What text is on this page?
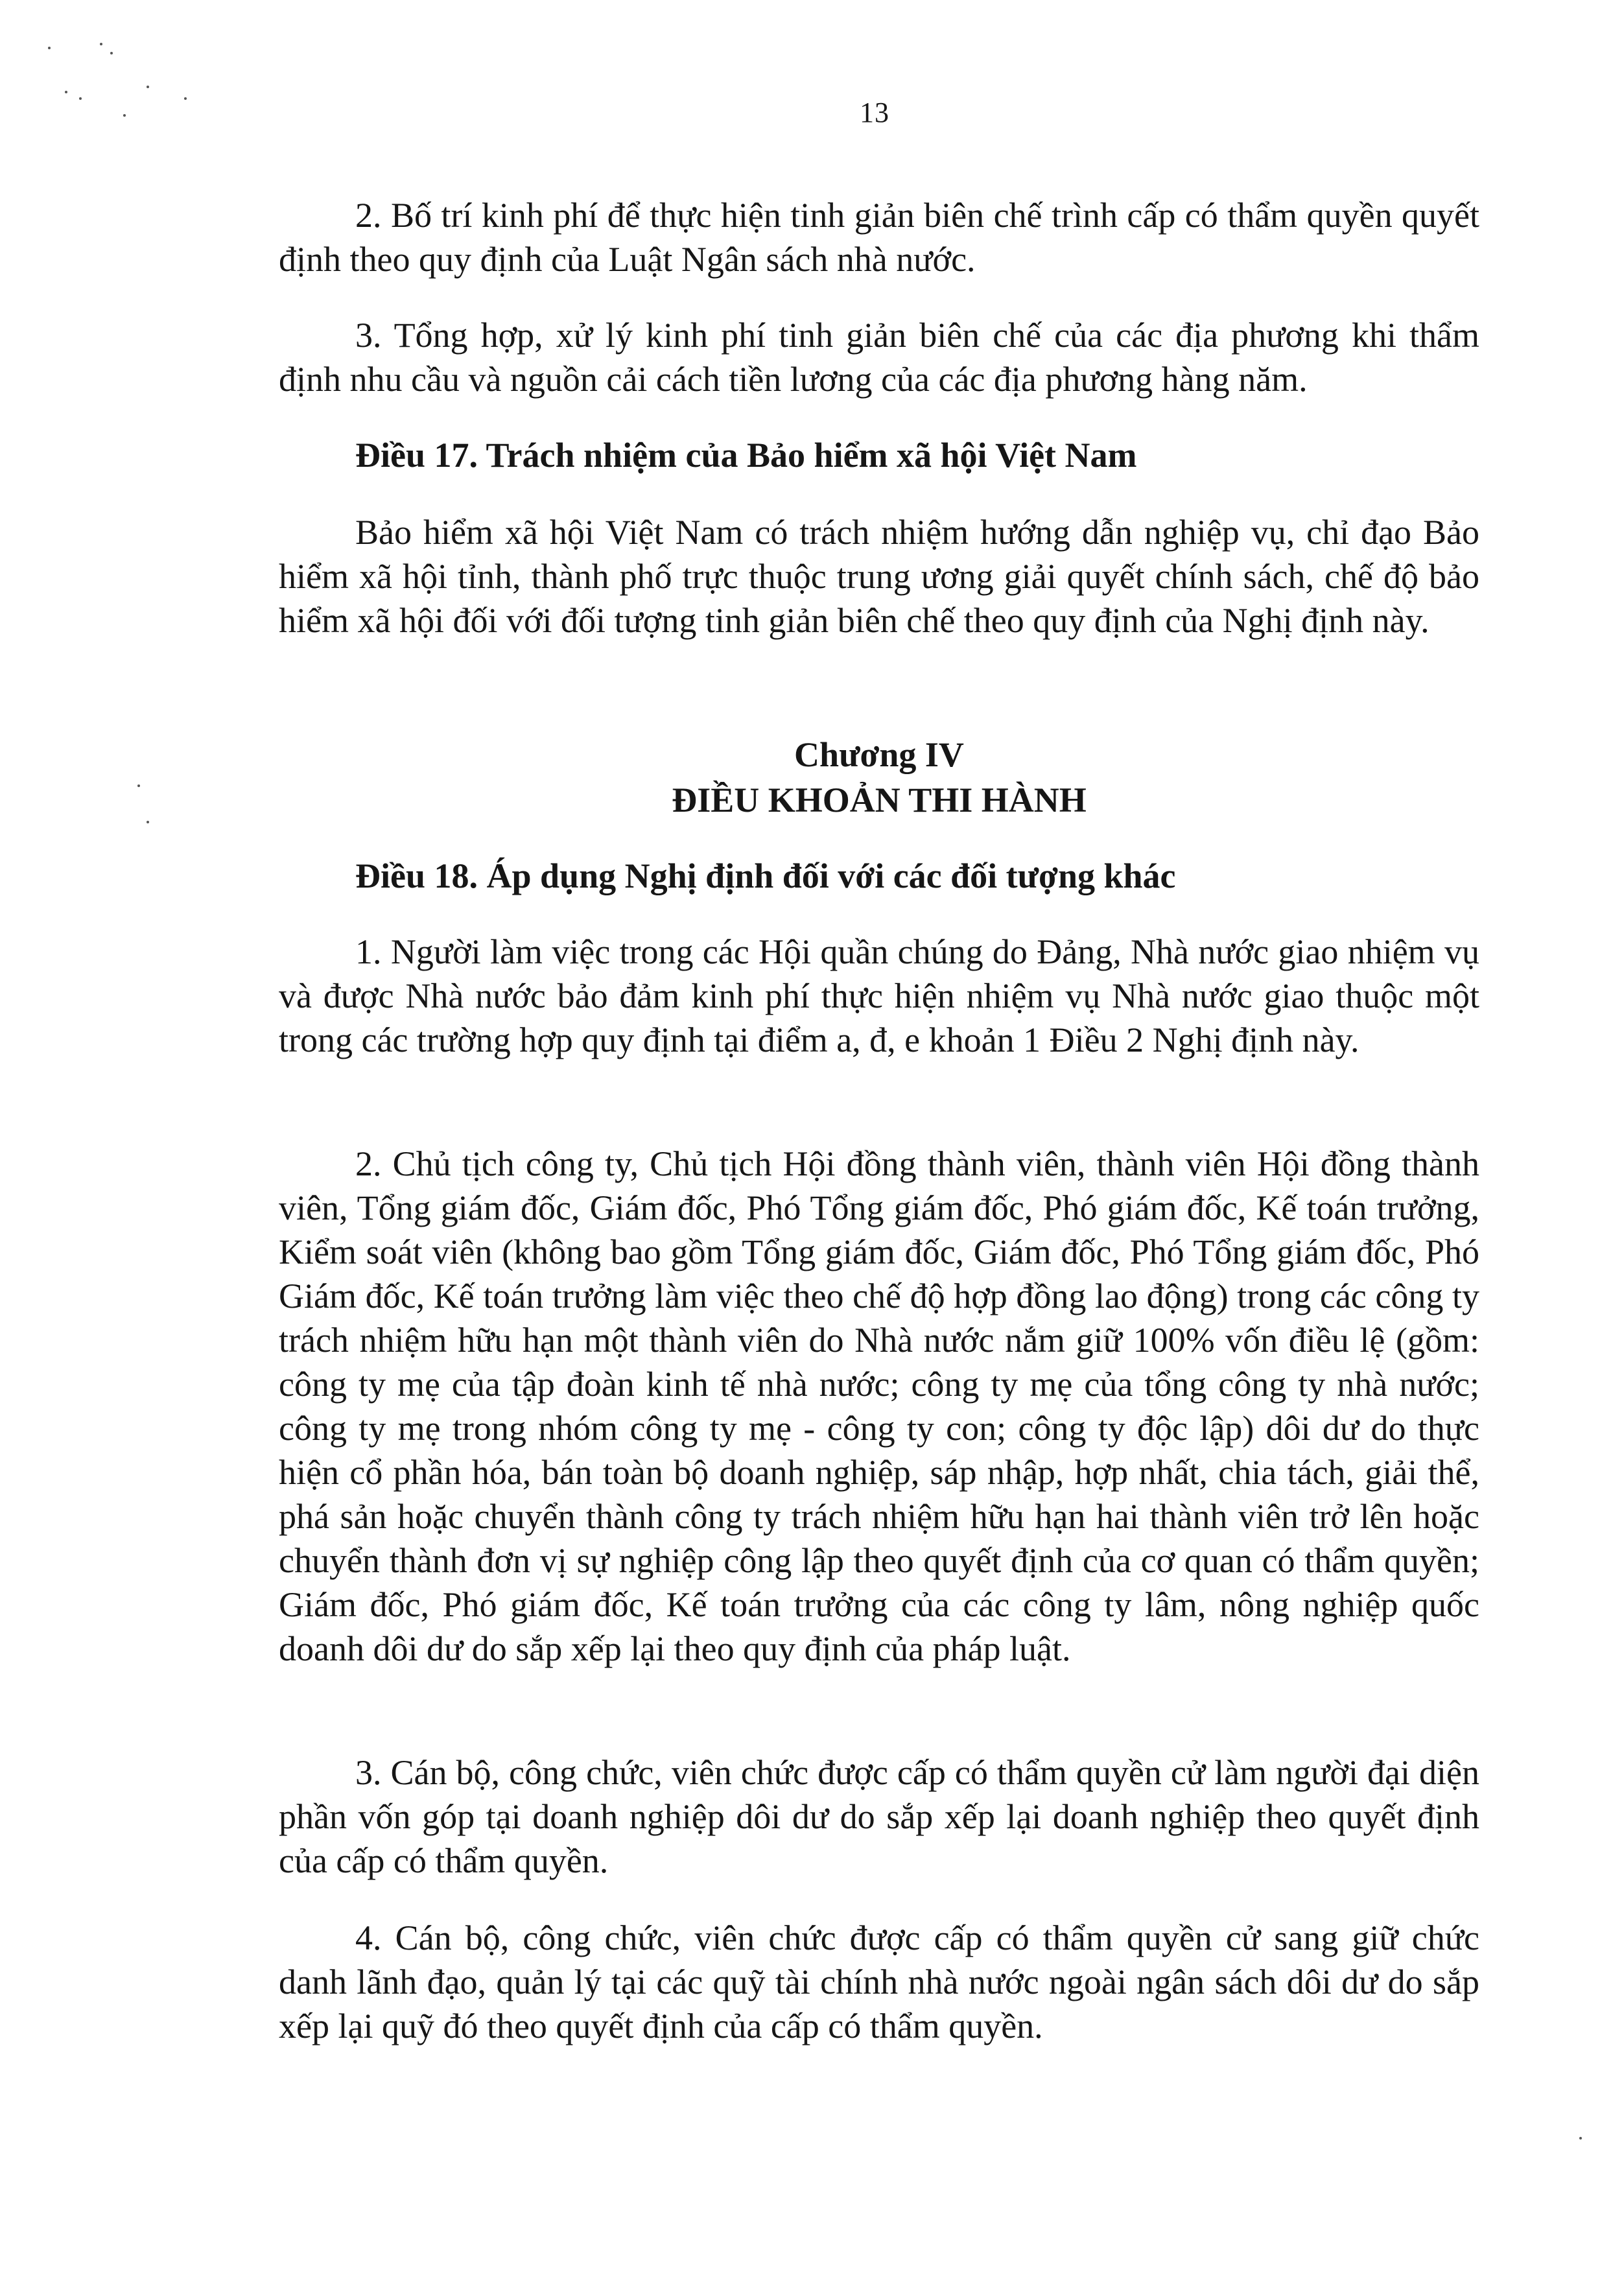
13

2. Bố trí kinh phí để thực hiện tinh giản biên chế trình cấp có thẩm quyền quyết định theo quy định của Luật Ngân sách nhà nước.

3. Tổng hợp, xử lý kinh phí tinh giản biên chế của các địa phương khi thẩm định nhu cầu và nguồn cải cách tiền lương của các địa phương hàng năm.

Điều 17. Trách nhiệm của Bảo hiểm xã hội Việt Nam

Bảo hiểm xã hội Việt Nam có trách nhiệm hướng dẫn nghiệp vụ, chỉ đạo Bảo hiểm xã hội tỉnh, thành phố trực thuộc trung ương giải quyết chính sách, chế độ bảo hiểm xã hội đối với đối tượng tinh giản biên chế theo quy định của Nghị định này.

Chương IV

ĐIỀU KHOẢN THI HÀNH

Điều 18. Áp dụng Nghị định đối với các đối tượng khác

1. Người làm việc trong các Hội quần chúng do Đảng, Nhà nước giao nhiệm vụ và được Nhà nước bảo đảm kinh phí thực hiện nhiệm vụ Nhà nước giao thuộc một trong các trường hợp quy định tại điểm a, đ, e khoản 1 Điều 2 Nghị định này.

2. Chủ tịch công ty, Chủ tịch Hội đồng thành viên, thành viên Hội đồng thành viên, Tổng giám đốc, Giám đốc, Phó Tổng giám đốc, Phó giám đốc, Kế toán trưởng, Kiểm soát viên (không bao gồm Tổng giám đốc, Giám đốc, Phó Tổng giám đốc, Phó Giám đốc, Kế toán trưởng làm việc theo chế độ hợp đồng lao động) trong các công ty trách nhiệm hữu hạn một thành viên do Nhà nước nắm giữ 100% vốn điều lệ (gồm: công ty mẹ của tập đoàn kinh tế nhà nước; công ty mẹ của tổng công ty nhà nước; công ty mẹ trong nhóm công ty mẹ - công ty con; công ty độc lập) dôi dư do thực hiện cổ phần hóa, bán toàn bộ doanh nghiệp, sáp nhập, hợp nhất, chia tách, giải thể, phá sản hoặc chuyển thành công ty trách nhiệm hữu hạn hai thành viên trở lên hoặc chuyển thành đơn vị sự nghiệp công lập theo quyết định của cơ quan có thẩm quyền; Giám đốc, Phó giám đốc, Kế toán trưởng của các công ty lâm, nông nghiệp quốc doanh dôi dư do sắp xếp lại theo quy định của pháp luật.

3. Cán bộ, công chức, viên chức được cấp có thẩm quyền cử làm người đại diện phần vốn góp tại doanh nghiệp dôi dư do sắp xếp lại doanh nghiệp theo quyết định của cấp có thẩm quyền.

4. Cán bộ, công chức, viên chức được cấp có thẩm quyền cử sang giữ chức danh lãnh đạo, quản lý tại các quỹ tài chính nhà nước ngoài ngân sách dôi dư do sắp xếp lại quỹ đó theo quyết định của cấp có thẩm quyền.
